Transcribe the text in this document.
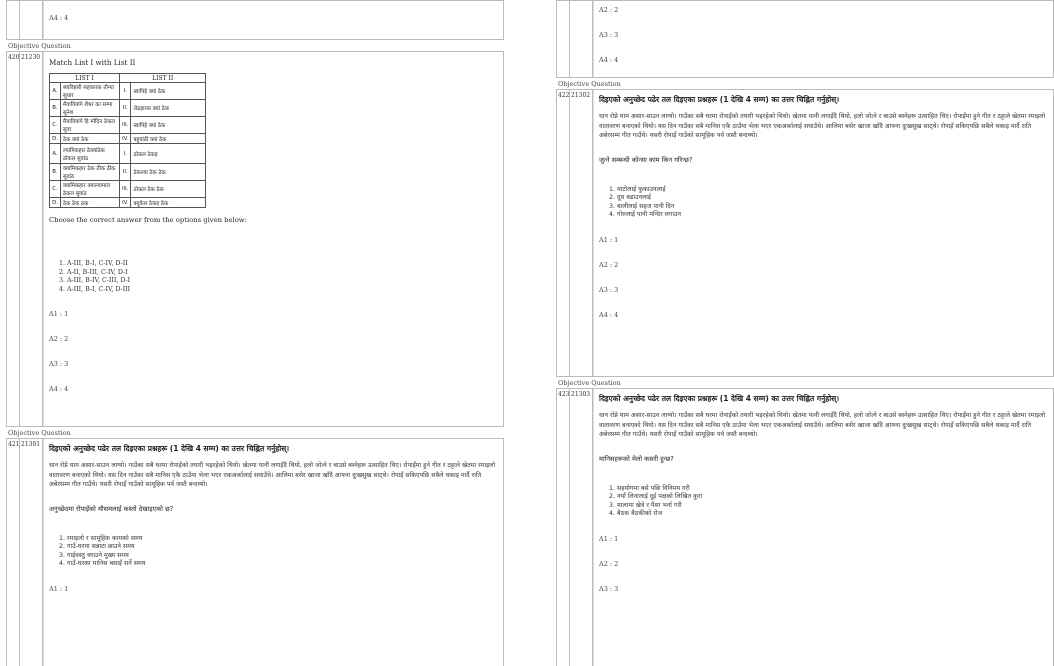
A4 : 4
Objective Question
420 21230
Match List I with List II
LIST I		LIST II	
A.	ब्याविहारी सहकारक तीन्‍या सुधार	I.	ब्यापिहे क्यां ठेक
B.	मैयावियांगे शैधर का सम्पा सुनेश	II.	लेठहारक क्यां ठेक
C.	मैयावियांगे हि मोदिन ठेकल सुवा	III.	ब्यापिहे क्यां ठेक
D.	ठेक क्यां ठेक	IV.	बहुवांठी क्यां ठेक
A.	ल्यामिकहार ठेक्यांठेक ठोकल सुवांठ	I.	ठोकल ठेकह
B.	क्यामिकहार ठेक ठीक ठीक सुवांठ	II.	ठेकल्‍या ठेक ठेक
C.	क्यामिकहार क्याल्यामाल ठेकल सुवांठ	III.	ठोकल ठेक ठेक
D.	ठेक ठेक ठक	IV.	क्युकेल ठेकह ठेक
Choose the correct answer from the options given below:
1. A-III, B-I, C-IV, D-II
2. A-II, B-III, C-IV, D-I
3. A-III, B-IV, C-III, D-I
4. A-III, B-I, C-IV, D-III
A1 : 1
A2 : 2
A3 : 3
A4 : 4
Objective Question
421 21301	दिइएको अनुच्छेद पढेर तल दिइएका प्रश्नहरू (1 देखि 4 सम्म) का उत्तर चिह्नित गर्नुहोस्।
धान रोप्ने याम असार-साउन लाग्यो। गाउँका सबै घरमा रोपाइँको तयारी भइरहेको थियो। खेतमा पानी लगाइँदै थियो, हलो जोत्ने र बाउसे बस्नेहरू उत्साहित थिए। रोपाइँमा हुने गीत र ठट्टाले खेतमा रमाइलो वातावरण बनाएको थियो। यस दिन गाउँका सबै मानिस एकै ठाउँमा भेला भएर एकअर्कालाई सघाउँथे। आलिमा बसेर खाजा खाँदै आफ्ना दुःखसुख साट्थे। रोपाइँ सकिएपछि सबैले थकाइ मार्दै राति अबेरसम्म गीत गाउँथे। यसरी रोपाइँ गाउँको सामूहिक पर्व जस्तै बन्दथ्यो।
अनुच्छेदमा रोपाइँको मौसमलाई कस्तो देखाइएको छ?
1. रमाइलो र सामूहिक कामको समय
2. गाउँ-घरमा सन्नाटा छाउने समय
3. गाईवस्तु चराउने मुख्य समय
4. गाउँ-घरका मानिस बसाइँ सर्ने समय
A1 : 1
A2 : 2
A3 : 3
A4 : 4
Objective Question
422 21302	दिइएको अनुच्छेद पढेर तल दिइएका प्रश्नहरू (1 देखि 4 सम्म) का उत्तर चिह्नित गर्नुहोस्।
धान रोप्ने याम असार-साउन लाग्यो। गाउँका सबै घरमा रोपाइँको तयारी भइरहेको थियो। खेतमा पानी लगाइँदै थियो, हलो जोत्ने र बाउसे बस्नेहरू उत्साहित थिए। रोपाइँमा हुने गीत र ठट्टाले खेतमा रमाइलो वातावरण बनाएको थियो। यस दिन गाउँका सबै मानिस एकै ठाउँमा भेला भएर एकअर्कालाई सघाउँथे। आलिमा बसेर खाजा खाँदै आफ्ना दुःखसुख साट्थे। रोपाइँ सकिएपछि सबैले थकाइ मार्दै राति अबेरसम्म गीत गाउँथे। यसरी रोपाइँ गाउँको सामूहिक पर्व जस्तै बन्दथ्यो।
जुत्ने सम्बन्धी कोन्सा काम किन गरिन्छ?
1. माटोलाई फुकाउनलाई
2. दूध बढाउनलाई
3. बालीलाई सहज पानी दिन
4. गोरुलाई पानी मन्दिर लगाउन
A1 : 1
A2 : 2
A3 : 3
A4 : 4
Objective Question
423 21303	दिइएको अनुच्छेद पढेर तल दिइएका प्रश्नहरू (1 देखि 4 सम्म) का उत्तर चिह्नित गर्नुहोस्।
धान रोप्ने याम असार-साउन लाग्यो। गाउँका सबै घरमा रोपाइँको तयारी भइरहेको थियो। खेतमा पानी लगाइँदै थियो, हलो जोत्ने र बाउसे बस्नेहरू उत्साहित थिए। रोपाइँमा हुने गीत र ठट्टाले खेतमा रमाइलो वातावरण बनाएको थियो। यस दिन गाउँका सबै मानिस एकै ठाउँमा भेला भएर एकअर्कालाई सघाउँथे। आलिमा बसेर खाजा खाँदै आफ्ना दुःखसुख साट्थे। रोपाइँ सकिएपछि सबैले थकाइ मार्दै राति अबेरसम्म गीत गाउँथे। यसरी रोपाइँ गाउँको सामूहिक पर्व जस्तै बन्दथ्यो।
मानिसहरूको मेलो कसरी हुन्छ?
1. सहयोगमा बसे पछि विनिमय गरी
2. नयाँ लिनालाई दुई पक्षको लिखित कुरा
3. मालामा खेत्रे र पैसा भर्ना गरी
4. बैठक बैठकीको रोज
A1 : 1
A2 : 2
A3 : 3
